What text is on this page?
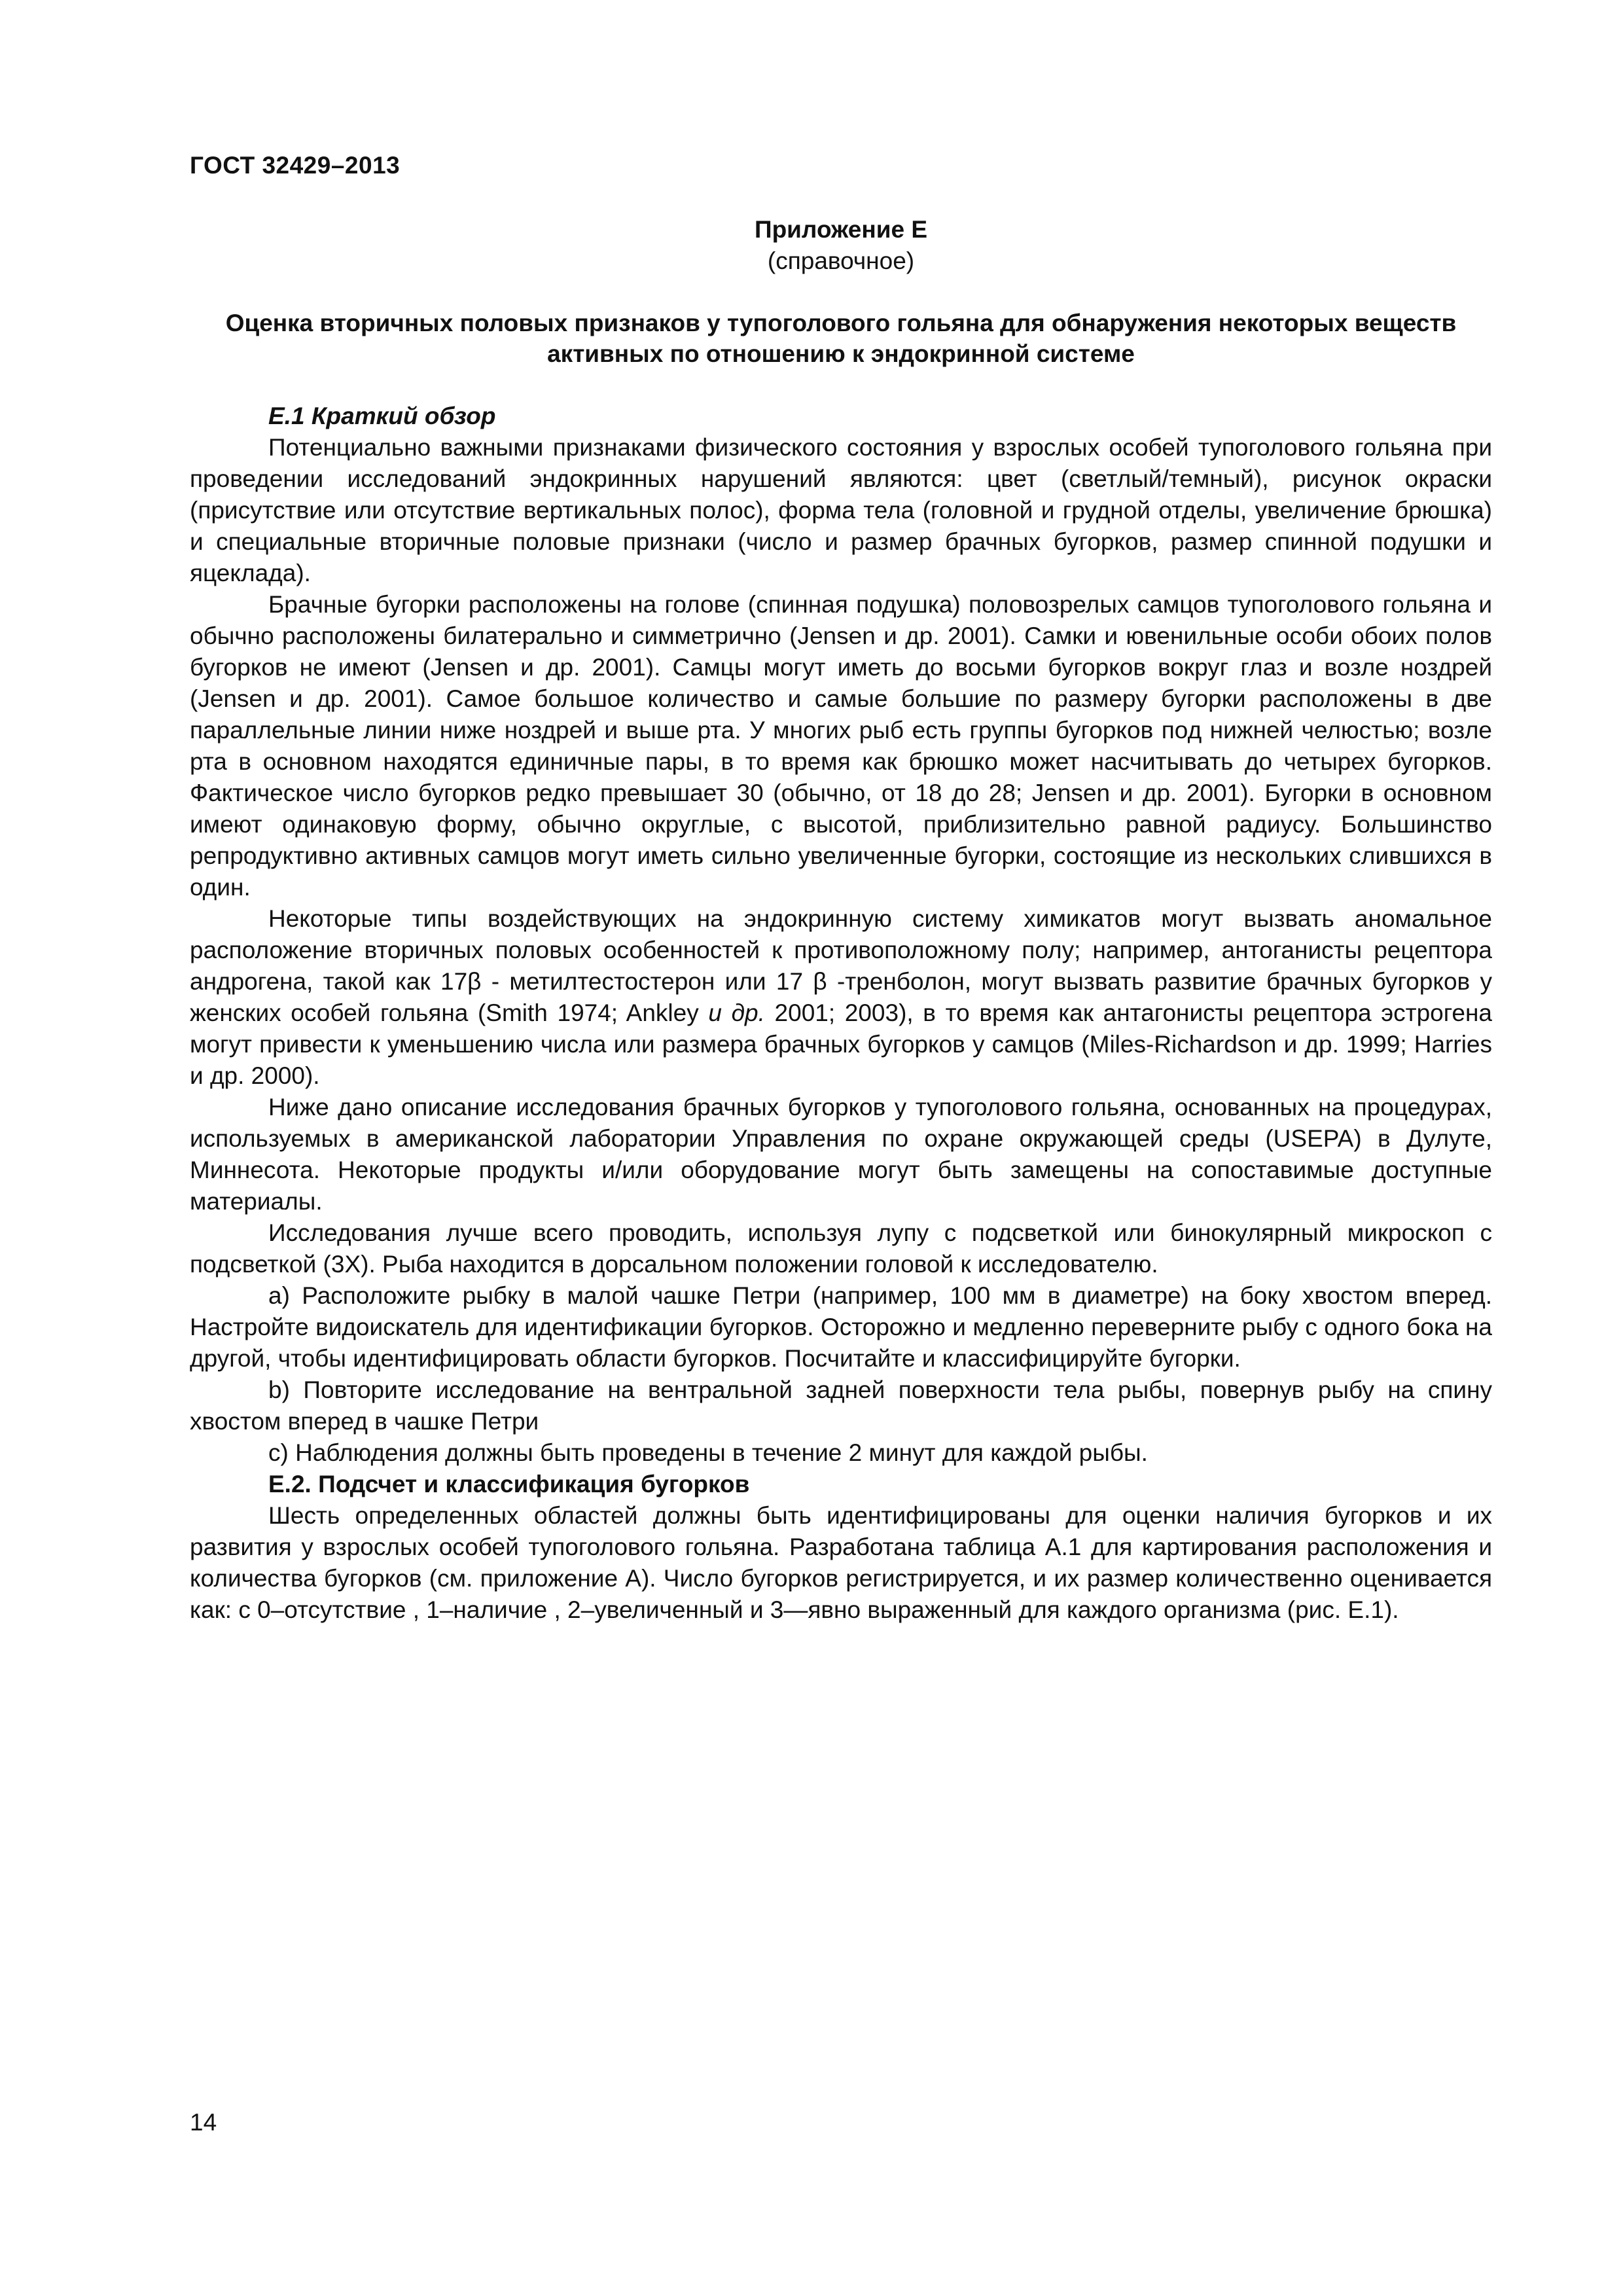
ГОСТ 32429–2013
Приложение Е
(справочное)
Оценка вторичных половых признаков у тупоголового гольяна для обнаружения некоторых веществ активных по отношению к эндокринной системе
Е.1 Краткий обзор

Потенциально важными признаками физического состояния у взрослых особей тупоголового гольяна при проведении исследований эндокринных нарушений являются: цвет (светлый/темный), рисунок окраски (присутствие или отсутствие вертикальных полос), форма тела (головной и грудной отделы, увеличение брюшка) и специальные вторичные половые признаки (число и размер брачных бугорков, размер спинной подушки и яцеклада).

Брачные бугорки расположены на голове (спинная подушка) половозрелых самцов тупоголового гольяна и обычно расположены билатерально и симметрично (Jensen и др. 2001). Самки и ювенильные особи обоих полов бугорков не имеют (Jensen и др. 2001). Самцы могут иметь до восьми бугорков вокруг глаз и возле ноздрей (Jensen и др. 2001). Самое большое количество и самые большие по размеру бугорки расположены в две параллельные линии ниже ноздрей и выше рта. У многих рыб есть группы бугорков под нижней челюстью; возле рта в основном находятся единичные пары, в то время как брюшко может насчитывать до четырех бугорков. Фактическое число бугорков редко превышает 30 (обычно, от 18 до 28; Jensen и др. 2001). Бугорки в основном имеют одинаковую форму, обычно округлые, с высотой, приблизительно равной радиусу. Большинство репродуктивно активных самцов могут иметь сильно увеличенные бугорки, состоящие из нескольких слившихся в один.

Некоторые типы воздействующих на эндокринную систему химикатов могут вызвать аномальное расположение вторичных половых особенностей к противоположному полу; например, антоганисты рецептора андрогена, такой как 17β - метилтестостерон или 17 β -тренболон, могут вызвать развитие брачных бугорков у женских особей гольяна (Smith 1974; Ankley и др. 2001; 2003), в то время как антагонисты рецептора эстрогена могут привести к уменьшению числа или размера брачных бугорков у самцов (Miles-Richardson и др. 1999; Harries и др. 2000).

Ниже дано описание исследования брачных бугорков у тупоголового гольяна, основанных на процедурах, используемых в американской лаборатории Управления по охране окружающей среды (USEPA) в Дулуте, Миннесота. Некоторые продукты и/или оборудование могут быть замещены на сопоставимые доступные материалы.

Исследования лучше всего проводить, используя лупу с подсветкой или бинокулярный микроскоп с подсветкой (3Х). Рыба находится в дорсальном положении головой к исследователю.

a) Расположите рыбку в малой чашке Петри (например, 100 мм в диаметре) на боку хвостом вперед. Настройте видоискатель для идентификации бугорков. Осторожно и медленно переверните рыбу с одного бока на другой, чтобы идентифицировать области бугорков. Посчитайте и классифицируйте бугорки.

b) Повторите исследование на вентральной задней поверхности тела рыбы, повернув рыбу на спину хвостом вперед в чашке Петри

c) Наблюдения должны быть проведены в течение 2 минут для каждой рыбы.

Е.2. Подсчет и классификация бугорков

Шесть определенных областей должны быть идентифицированы для оценки наличия бугорков и их развития у взрослых особей тупоголового гольяна. Разработана таблица А.1 для картирования расположения и количества бугорков (см. приложение А). Число бугорков регистрируется, и их размер количественно оценивается как: с 0–отсутствие , 1–наличие , 2–увеличенный и 3—явно выраженный для каждого организма (рис. Е.1).

14
